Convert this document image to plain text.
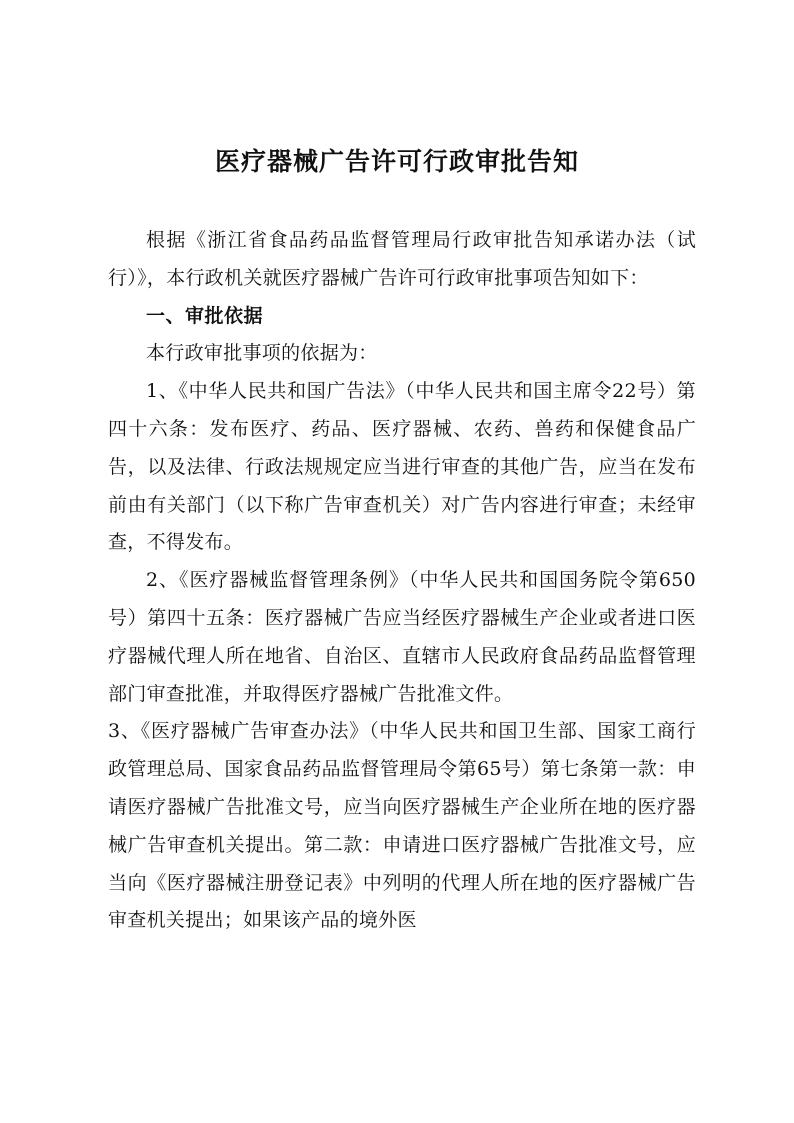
医疗器械广告许可行政审批告知

根据《浙江省食品药品监督管理局行政审批告知承诺办法（试行）》，本行政机关就医疗器械广告许可行政审批事项告知如下：

一、审批依据

本行政审批事项的依据为：

1、《中华人民共和国广告法》（中华人民共和国主席令22号）第四十六条：发布医疗、药品、医疗器械、农药、兽药和保健食品广告，以及法律、行政法规规定应当进行审查的其他广告，应当在发布前由有关部门（以下称广告审查机关）对广告内容进行审查；未经审查，不得发布。

2、《医疗器械监督管理条例》（中华人民共和国国务院令第650号）第四十五条：医疗器械广告应当经医疗器械生产企业或者进口医疗器械代理人所在地省、自治区、直辖市人民政府食品药品监督管理部门审查批准，并取得医疗器械广告批准文件。

3、《医疗器械广告审查办法》（中华人民共和国卫生部、国家工商行政管理总局、国家食品药品监督管理局令第65号）第七条第一款：申请医疗器械广告批准文号，应当向医疗器械生产企业所在地的医疗器械广告审查机关提出。第二款：申请进口医疗器械广告批准文号，应当向《医疗器械注册登记表》中列明的代理人所在地的医疗器械广告审查机关提出；如果该产品的境外医
